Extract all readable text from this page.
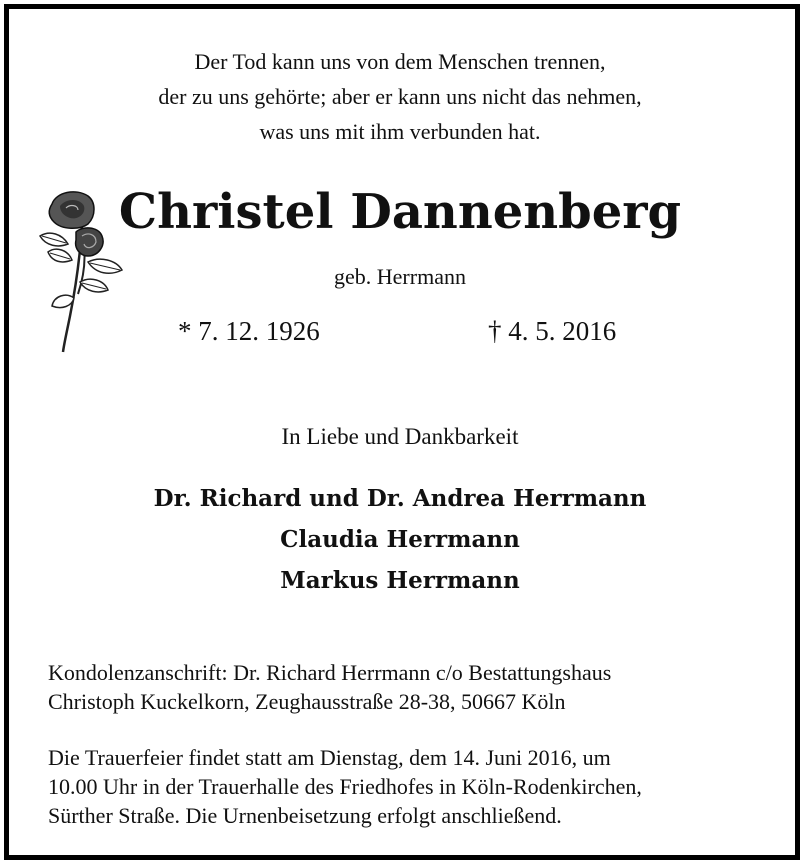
Der Tod kann uns von dem Menschen trennen,
der zu uns gehörte; aber er kann uns nicht das nehmen,
was uns mit ihm verbunden hat.
Christel Dannenberg
geb. Herrmann
* 7. 12. 1926	† 4. 5. 2016
In Liebe und Dankbarkeit
Dr. Richard und Dr. Andrea Herrmann
Claudia Herrmann
Markus Herrmann
Kondolenzanschrift: Dr. Richard Herrmann c/o Bestattungshaus
Christoph Kuckelkorn, Zeughausstraße 28-38, 50667 Köln
Die Trauerfeier findet statt am Dienstag, dem 14. Juni 2016, um
10.00 Uhr in der Trauerhalle des Friedhofes in Köln-Rodenkirchen,
Sürther Straße. Die Urnenbeisetzung erfolgt anschließend.
